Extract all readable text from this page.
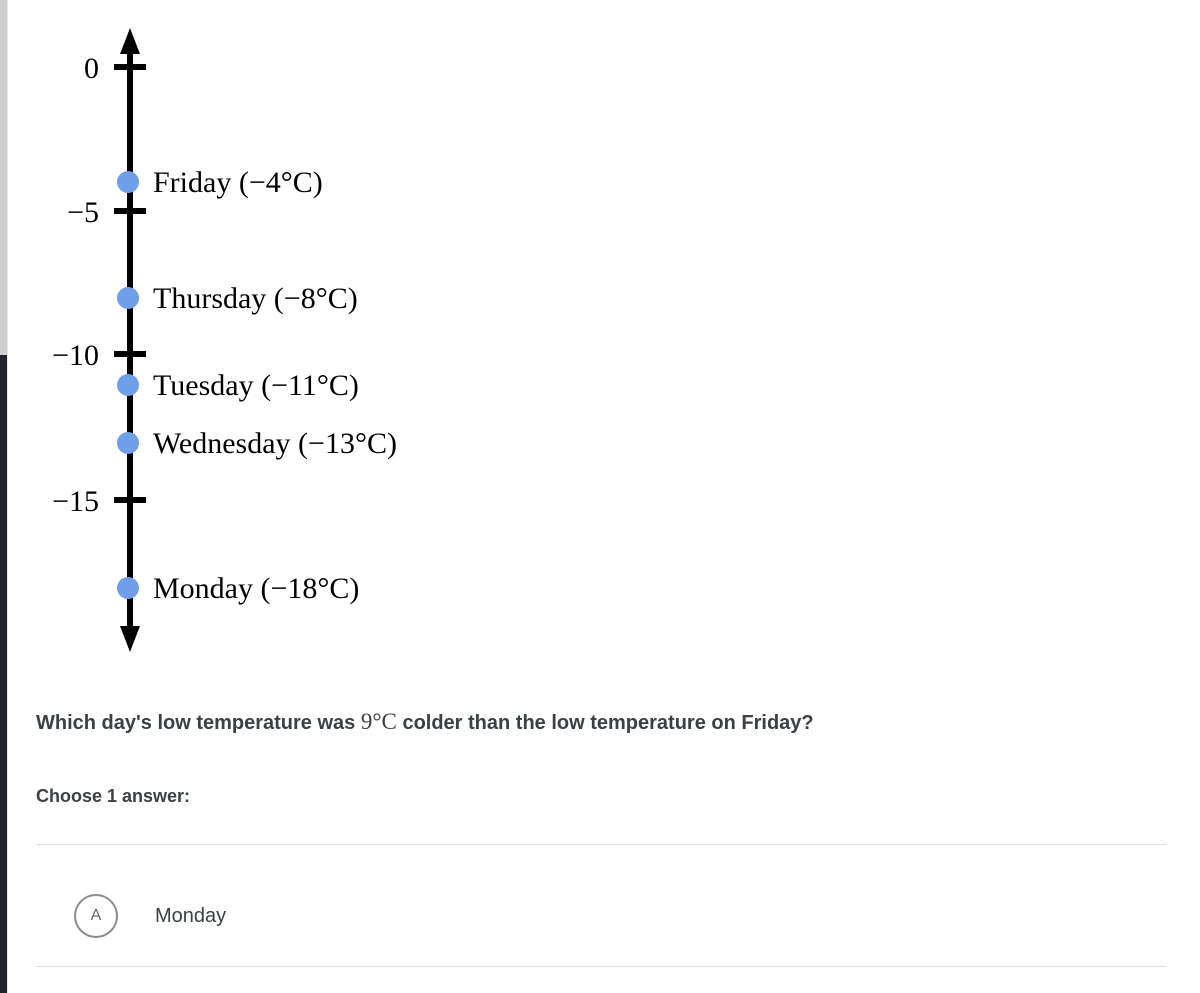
0
−5
−10
−15
Friday (−4°C)
Thursday (−8°C)
Tuesday (−11°C)
Wednesday (−13°C)
Monday (−18°C)
Which day's low temperature was 9°C colder than the low temperature on Friday?
Choose 1 answer:
A	Monday
